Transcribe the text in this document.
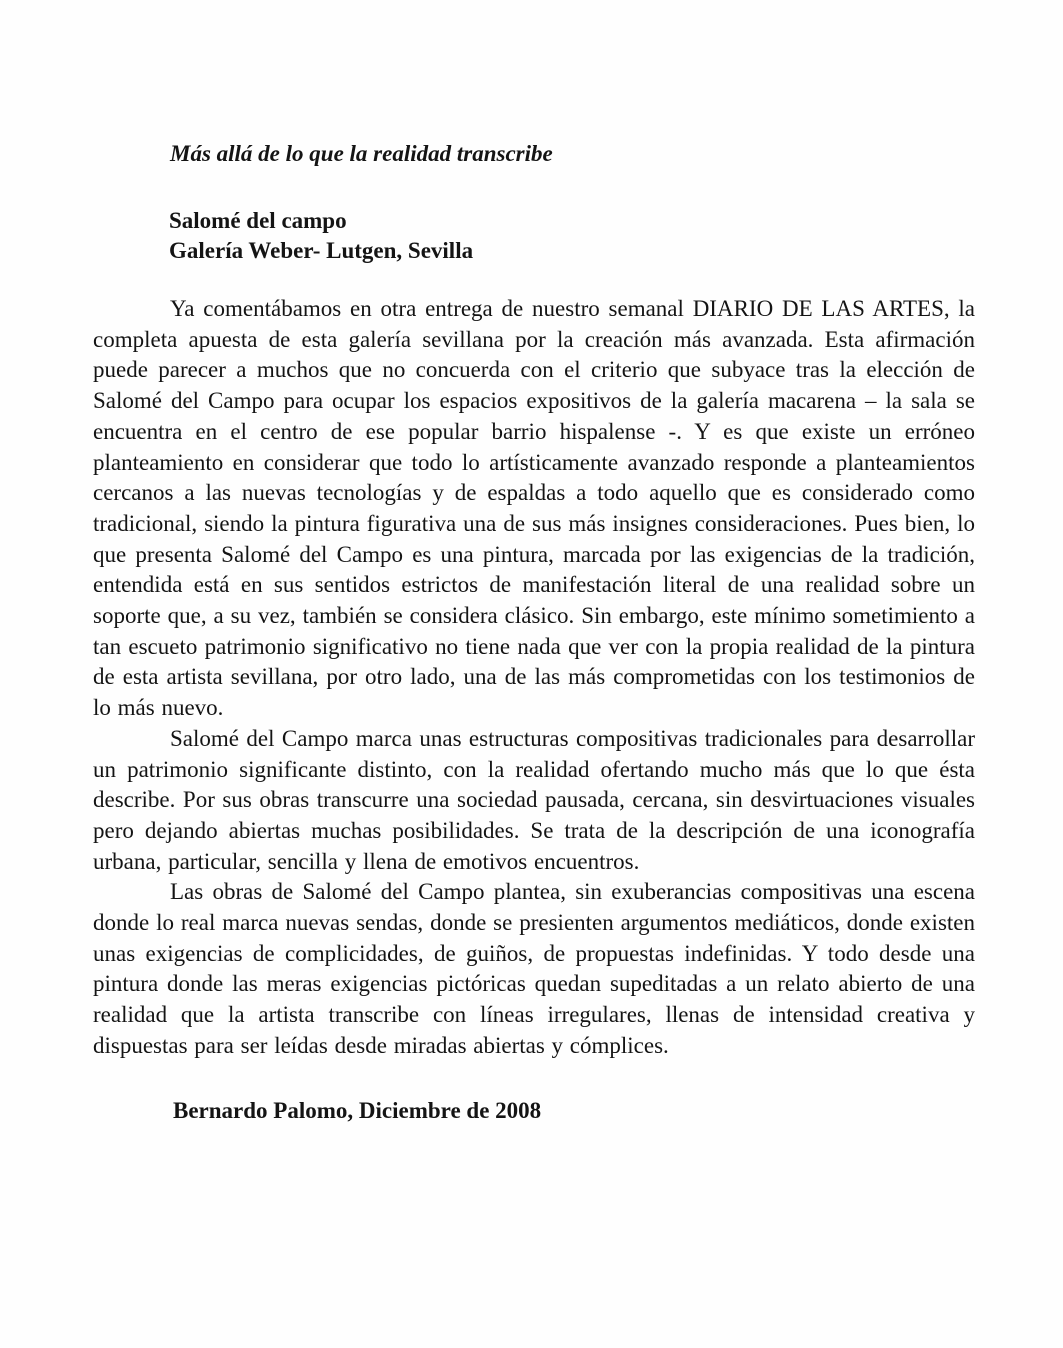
Más allá de lo que la realidad transcribe
Salomé del campo
Galería Weber- Lutgen, Sevilla

Ya comentábamos en otra entrega de nuestro semanal DIARIO DE LAS ARTES, la completa apuesta de esta galería sevillana por la creación más avanzada. Esta afirmación puede parecer a muchos que no concuerda con el criterio que subyace tras la elección de Salomé del Campo para ocupar los espacios expositivos de la galería macarena – la sala se encuentra en el centro de ese popular barrio hispalense -. Y es que existe un erróneo planteamiento en considerar que todo lo artísticamente avanzado responde a planteamientos cercanos a las nuevas tecnologías y de espaldas a todo aquello que es considerado como tradicional, siendo la pintura figurativa una de sus más insignes consideraciones. Pues bien, lo que presenta Salomé del Campo es una pintura, marcada por las exigencias de la tradición, entendida está en sus sentidos estrictos de manifestación literal de una realidad sobre un soporte que, a su vez, también se considera clásico. Sin embargo, este mínimo sometimiento a tan escueto patrimonio significativo no tiene nada que ver con la propia realidad de la pintura de esta artista sevillana, por otro lado, una de las más comprometidas con los testimonios de lo más nuevo.

Salomé del Campo marca unas estructuras compositivas tradicionales para desarrollar un patrimonio significante distinto, con la realidad ofertando mucho más que lo que ésta describe. Por sus obras transcurre una sociedad pausada, cercana, sin desvirtuaciones visuales pero dejando abiertas muchas posibilidades. Se trata de la descripción de una iconografía urbana, particular, sencilla y llena de emotivos encuentros.

Las obras de Salomé del Campo plantea, sin exuberancias compositivas una escena donde lo real marca nuevas sendas, donde se presienten argumentos mediáticos, donde existen unas exigencias de complicidades, de guiños, de propuestas indefinidas. Y todo desde una pintura donde las meras exigencias pictóricas quedan supeditadas a un relato abierto de una realidad que la artista transcribe con líneas irregulares, llenas de intensidad creativa y dispuestas para ser leídas desde miradas abiertas y cómplices.

Bernardo Palomo, Diciembre de 2008
